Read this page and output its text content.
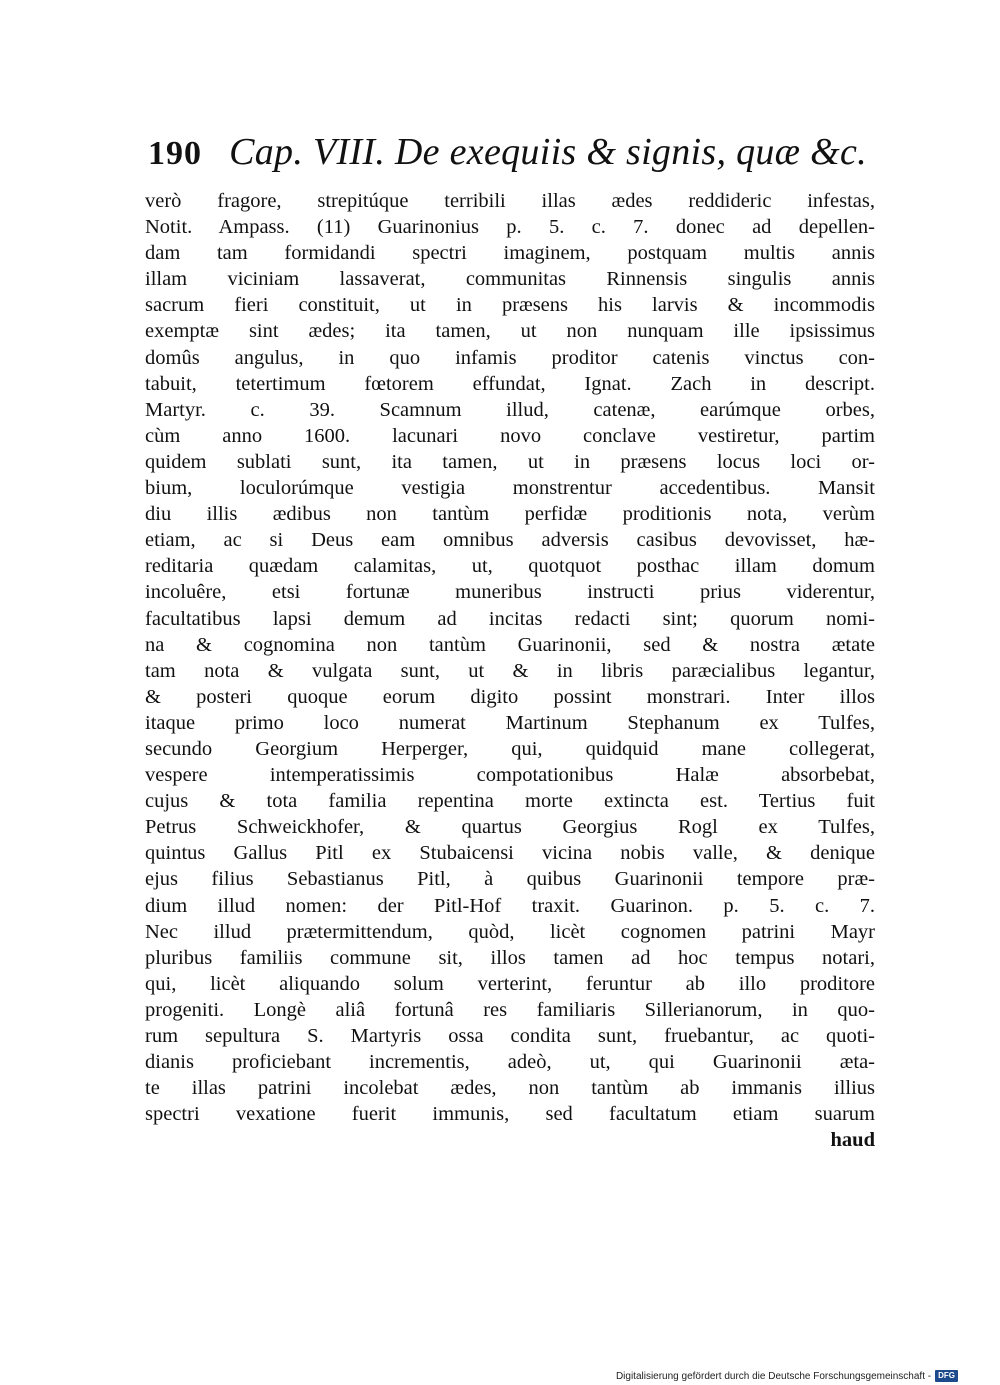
190 Cap. VIII. De exequiis & signis, quæ &c.
verò fragore, strepitúque terribili illas ædes reddideric infestas,
Notit. Ampass. (11) Guarinonius p. 5. c. 7. donec ad depellen-
dam tam formidandi spectri imaginem, postquam multis annis
illam viciniam lassaverat, communitas Rinnensis singulis annis
sacrum fieri constituit, ut in præsens his larvis & incommodis
exemptæ sint ædes; ita tamen, ut non nunquam ille ipsissimus
domûs angulus, in quo infamis proditor catenis vinctus con-
tabuit, tetertimum fœtorem effundat, Ignat. Zach in descript.
Martyr. c. 39. Scamnum illud, catenæ, earúmque orbes,
cùm anno 1600. lacunari novo conclave vestiretur, partim
quidem sublati sunt, ita tamen, ut in præsens locus loci or-
bium, loculorúmque vestigia monstrentur accedentibus. Mansit
diu illis ædibus non tantùm perfidæ proditionis nota, verùm
etiam, ac si Deus eam omnibus adversis casibus devovisset, hæ-
reditaria quædam calamitas, ut, quotquot posthac illam domum
incoluêre, etsi fortunæ muneribus instructi prius viderentur,
facultatibus lapsi demum ad incitas redacti sint; quorum nomi-
na & cognomina non tantùm Guarinonii, sed & nostra ætate
tam nota & vulgata sunt, ut & in libris paræcialibus legantur,
& posteri quoque eorum digito possint monstrari. Inter illos
itaque primo loco numerat Martinum Stephanum ex Tulfes,
secundo Georgium Herperger, qui, quidquid mane collegerat,
vespere intemperatissimis compotationibus Halæ absorbebat,
cujus & tota familia repentina morte extincta est. Tertius fuit
Petrus Schweickhofer, & quartus Georgius Rogl ex Tulfes,
quintus Gallus Pitl ex Stubaicensi vicina nobis valle, & denique
ejus filius Sebastianus Pitl, à quibus Guarinonii tempore præ-
dium illud nomen: der Pitl-Hof traxit. Guarinon. p. 5. c. 7.
Nec illud prætermittendum, quòd, licèt cognomen patrini Mayr
pluribus familiis commune sit, illos tamen ad hoc tempus notari,
qui, licèt aliquando solum verterint, feruntur ab illo proditore
progeniti. Longè aliâ fortunâ res familiaris Sillerianorum, in quo-
rum sepultura S. Martyris ossa condita sunt, fruebantur, ac quoti-
dianis proficiebant incrementis, adeò, ut, qui Guarinonii æta-
te illas patrini incolebat ædes, non tantùm ab immanis illius
spectri vexatione fuerit immunis, sed facultatum etiam suarum
haud
Digitalisierung gefördert durch die Deutsche Forschungsgemeinschaft - DFG
